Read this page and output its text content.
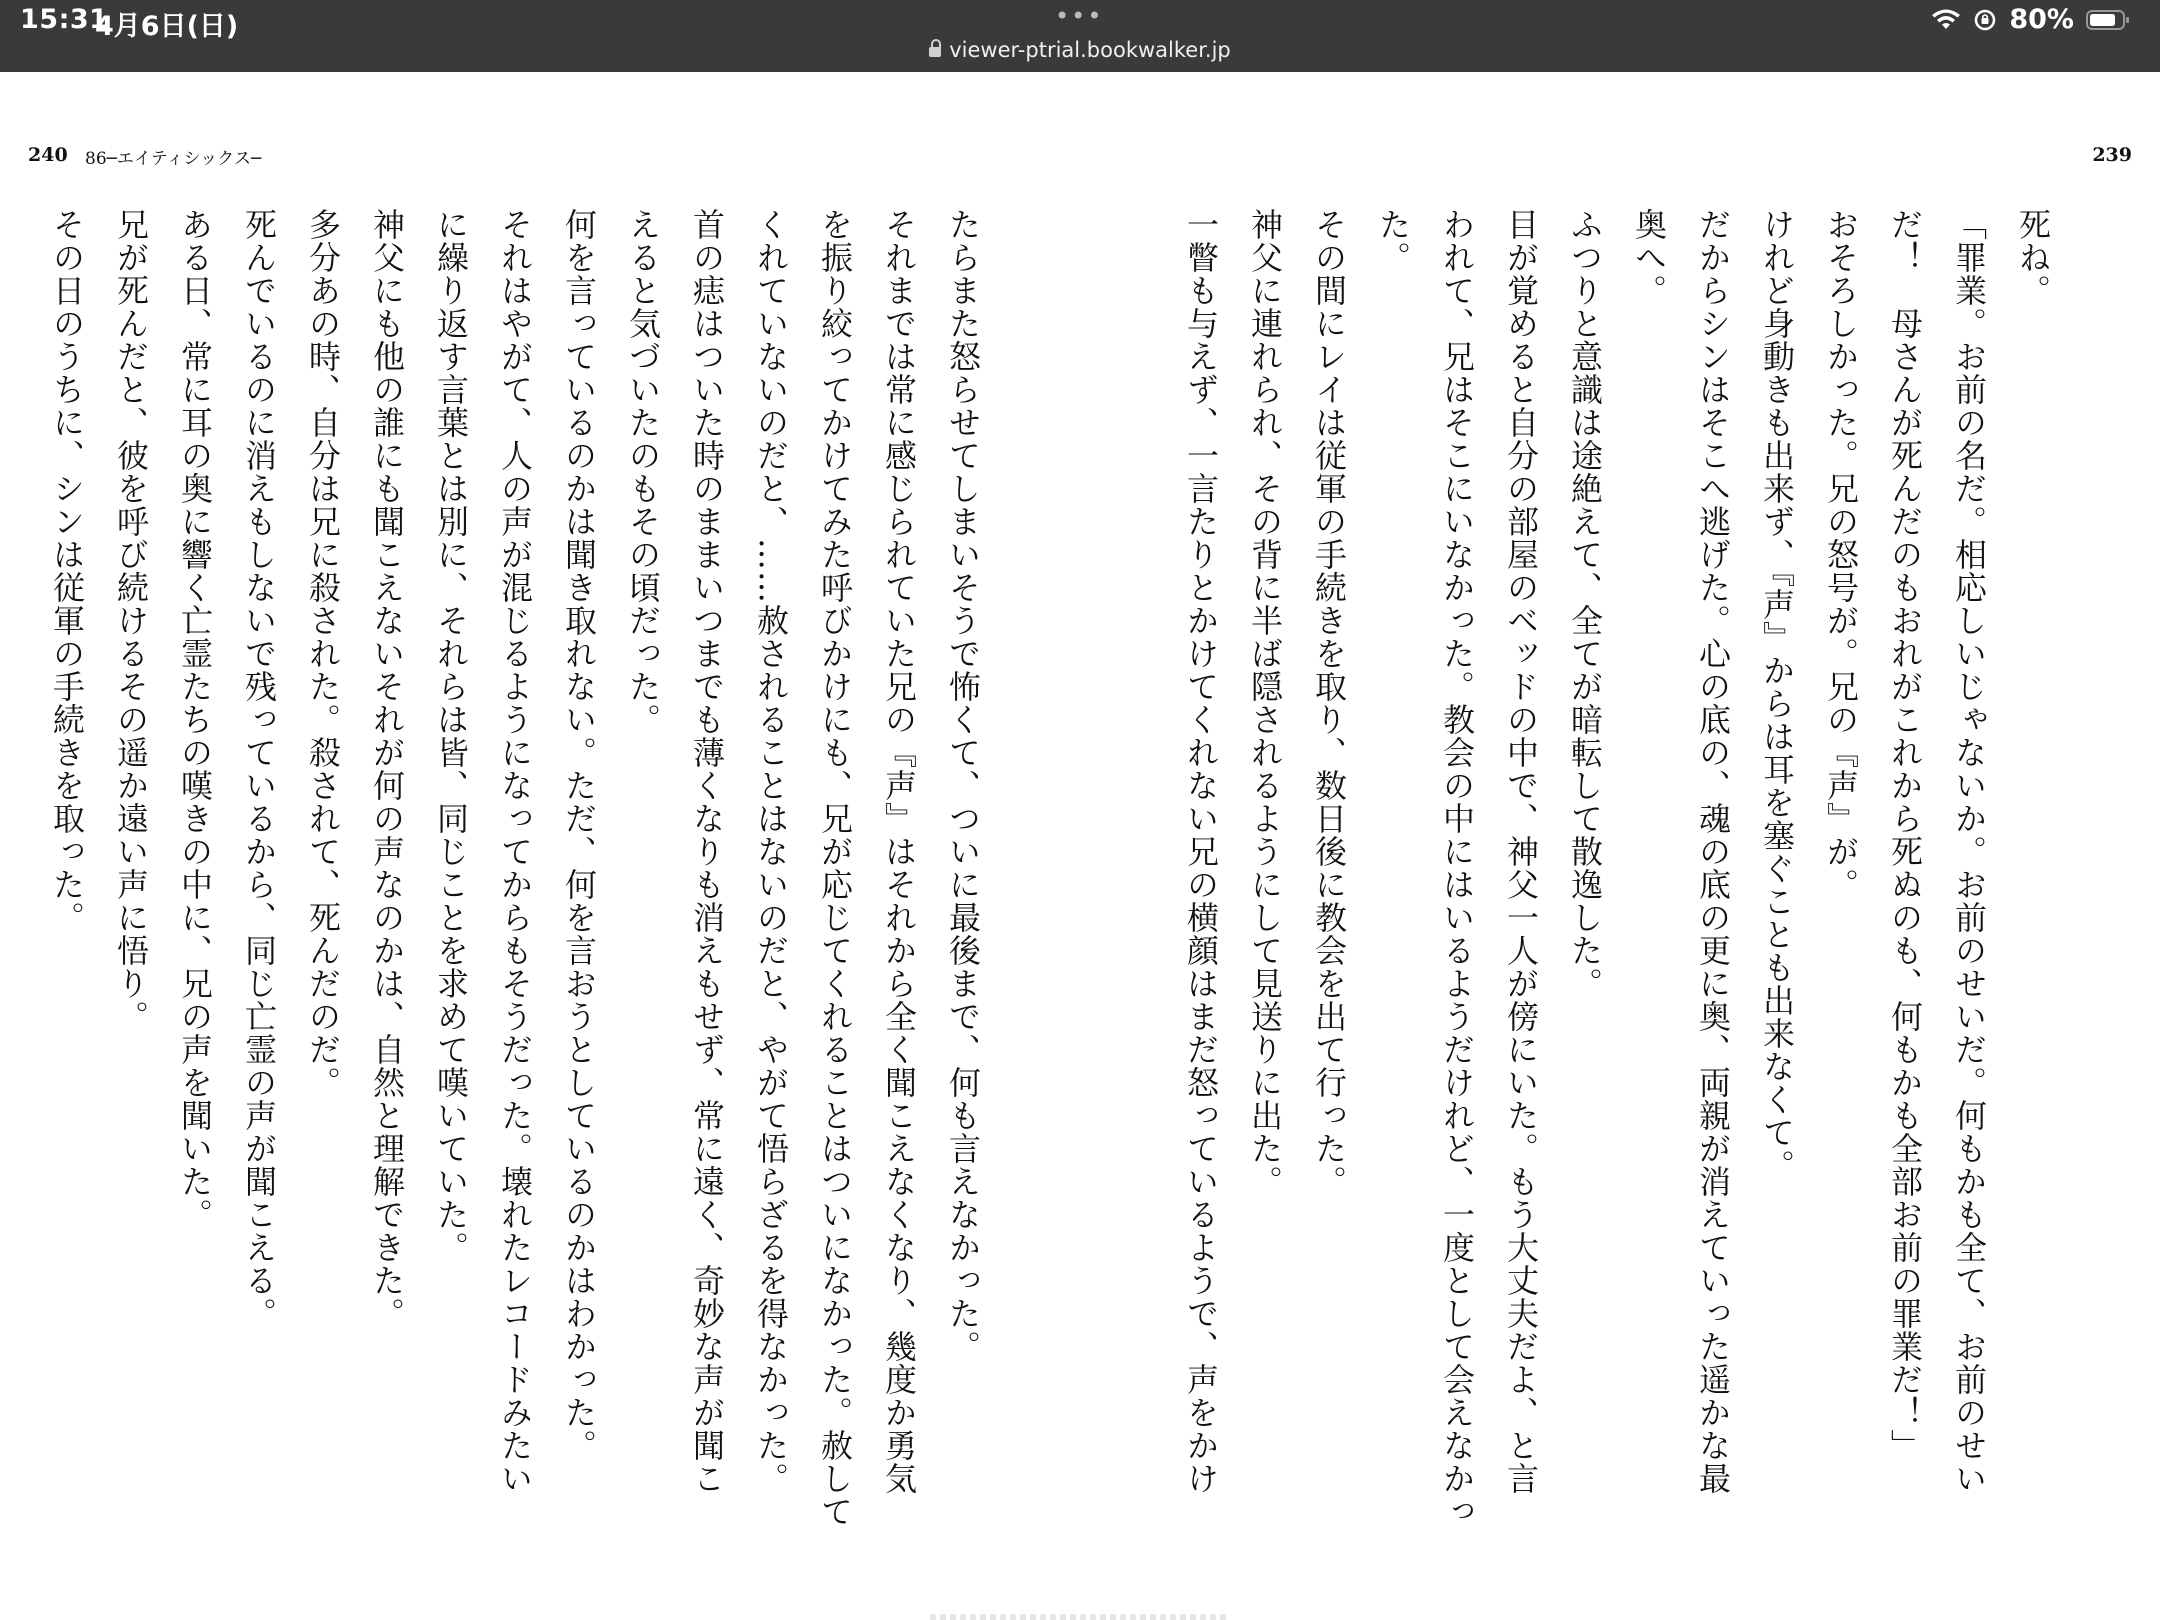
15:31
4月6日(日)	•••
viewer-ptrial.bookwalker.jp
80%
240 86─エイティシックス─	239
死ね。
「罪業。お前の名だ。相応しいじゃないか。お前のせいだ。何もかも全て、お前のせい
だ！　母さんが死んだのもおれがこれから死ぬのも、何もかも全部お前の罪業だ！」
おそろしかった。兄の怒号が。兄の『声』が。
けれど身動きも出来ず、『声』からは耳を塞ぐことも出来なくて。
だからシンはそこへ逃げた。心の底の、魂の底の更に奥、両親が消えていった遥かな最
奥へ。
ふつりと意識は途絶えて、全てが暗転して散逸した。
目が覚めると自分の部屋のベッドの中で、神父一人が傍にいた。もう大丈夫だよ、と言
われて、兄はそこにいなかった。教会の中にはいるようだけれど、一度として会えなかっ
た。
その間にレイは従軍の手続きを取り、数日後に教会を出て行った。
神父に連れられ、その背に半ば隠されるようにして見送りに出た。
一瞥も与えず、一言たりとかけてくれない兄の横顔はまだ怒っているようで、声をかけ
たらまた怒らせてしまいそうで怖くて、ついに最後まで、何も言えなかった。
それまでは常に感じられていた兄の『声』はそれから全く聞こえなくなり、幾度か勇気
を振り絞ってかけてみた呼びかけにも、兄が応じてくれることはついになかった。赦して
くれていないのだと、……赦されることはないのだと、やがて悟らざるを得なかった。
首の痣はついた時のままいつまでも薄くなりも消えもせず、常に遠く、奇妙な声が聞こ
えると気づいたのもその頃だった。
何を言っているのかは聞き取れない。ただ、何を言おうとしているのかはわかった。
それはやがて、人の声が混じるようになってからもそうだった。壊れたレコードみたい
に繰り返す言葉とは別に、それらは皆、同じことを求めて嘆いていた。
神父にも他の誰にも聞こえないそれが何の声なのかは、自然と理解できた。
多分あの時、自分は兄に殺された。殺されて、死んだのだ。
死んでいるのに消えもしないで残っているから、同じ亡霊の声が聞こえる。
ある日、常に耳の奥に響く亡霊たちの嘆きの中に、兄の声を聞いた。
兄が死んだと、彼を呼び続けるその遥か遠い声に悟り。
その日のうちに、シンは従軍の手続きを取った。
